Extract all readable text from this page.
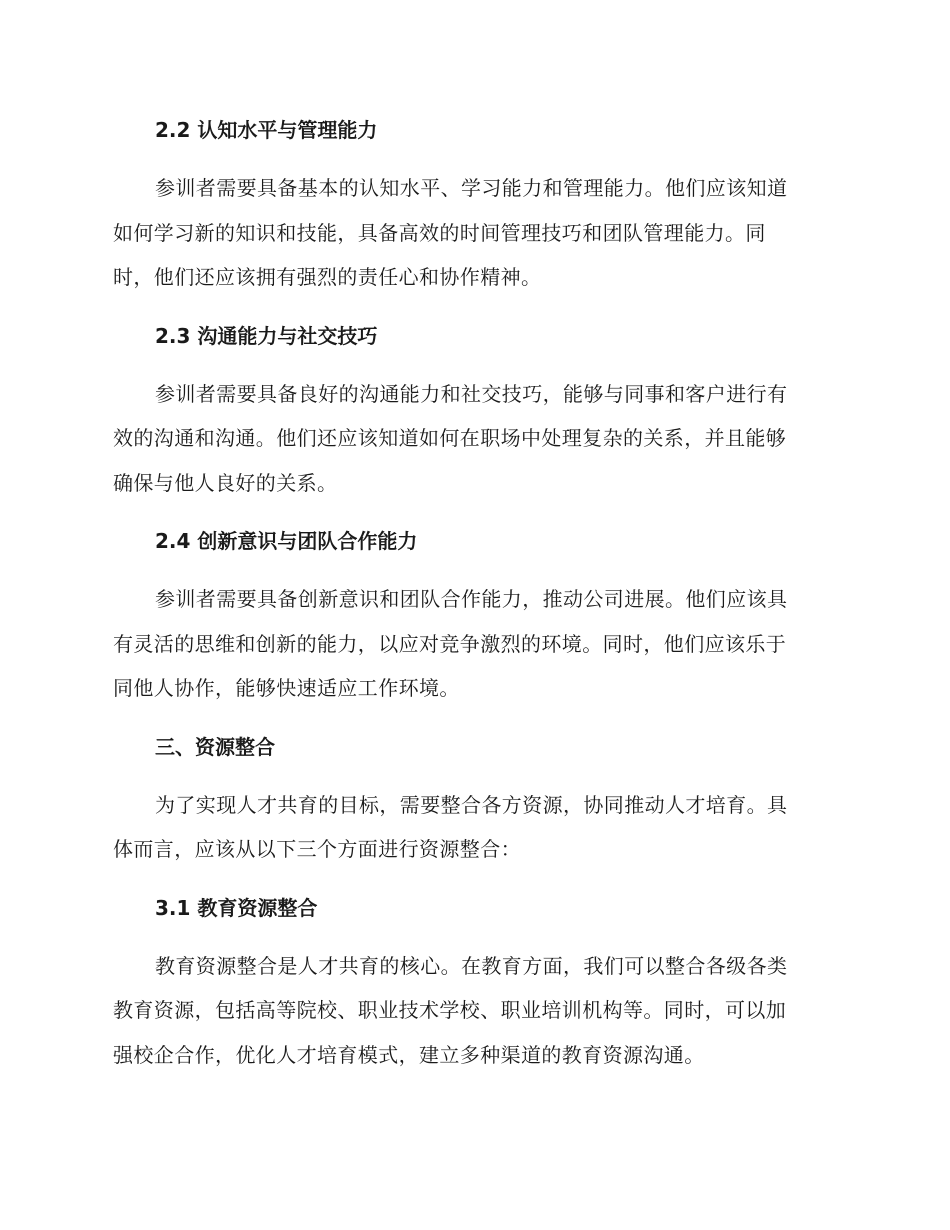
2.2 认知水平与管理能力

参训者需要具备基本的认知水平、学习能力和管理能力。他们应该知道
如何学习新的知识和技能，具备高效的时间管理技巧和团队管理能力。同
时，他们还应该拥有强烈的责任心和协作精神。

2.3 沟通能力与社交技巧

参训者需要具备良好的沟通能力和社交技巧，能够与同事和客户进行有
效的沟通和沟通。他们还应该知道如何在职场中处理复杂的关系，并且能够
确保与他人良好的关系。

2.4 创新意识与团队合作能力

参训者需要具备创新意识和团队合作能力，推动公司进展。他们应该具
有灵活的思维和创新的能力，以应对竞争激烈的环境。同时，他们应该乐于
同他人协作，能够快速适应工作环境。

三、资源整合

为了实现人才共育的目标，需要整合各方资源，协同推动人才培育。具
体而言，应该从以下三个方面进行资源整合：

3.1 教育资源整合

教育资源整合是人才共育的核心。在教育方面，我们可以整合各级各类
教育资源，包括高等院校、职业技术学校、职业培训机构等。同时，可以加
强校企合作，优化人才培育模式，建立多种渠道的教育资源沟通。
